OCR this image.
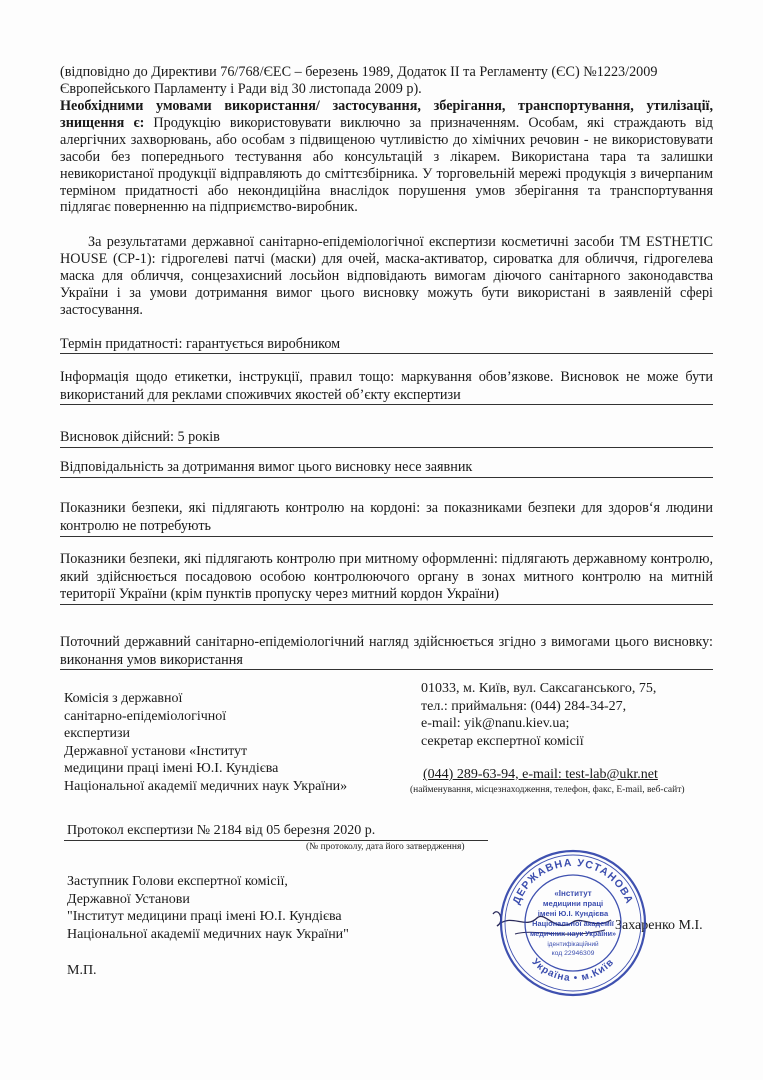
(відповідно до Директиви 76/768/ЄЕС – березень 1989, Додаток II та Регламенту (ЄС) №1223/2009
Європейського Парламенту і Ради від 30 листопада 2009 р).
Необхідними умовами використання/ застосування, зберігання, транспортування, утилізації, знищення є: Продукцію використовувати виключно за призначенням. Особам, які страждають від алергічних захворювань, або особам з підвищеною чутливістю до хімічних речовин - не використовувати засоби без попереднього тестування або консультацій з лікарем. Використана тара та залишки невикористаної продукції відправляють до сміттєзбірника. У торговельній мережі продукція з вичерпаним терміном придатності або некондиційна внаслідок порушення умов зберігання та транспортування підлягає поверненню на підприємство-виробник.
За результатами державної санітарно-епідеміологічної експертизи косметичні засоби ТМ ESTHETIC HOUSE (СР-1): гідрогелеві патчі (маски) для очей, маска-активатор, сироватка для обличчя, гідрогелева маска для обличчя, сонцезахисний лосьйон відповідають вимогам діючого санітарного законодавства України і за умови дотримання вимог цього висновку можуть бути використані в заявленій сфері застосування.
Термін придатності: гарантується виробником
Інформація щодо етикетки, інструкції, правил тощо: маркування обов’язкове. Висновок не може бути використаний для реклами споживчих якостей об’єкту експертизи
Висновок дійсний: 5 років
Відповідальність за дотримання вимог цього висновку несе заявник
Показники безпеки, які підлягають контролю на кордоні: за показниками безпеки для здоров‘я людини контролю не потребують
Показники безпеки, які підлягають контролю при митному оформленні: підлягають державному контролю, який здійснюється посадовою особою контролюючого органу в зонах митного контролю на митній території України (крім пунктів пропуску через митний кордон України)
Поточний державний санітарно-епідеміологічний нагляд здійснюється згідно з вимогами цього висновку: виконання умов використання
Комісія з державної
санітарно-епідеміологічної
експертизи
Державної установи «Інститут
медицини праці імені Ю.І. Кундієва
Національної академії медичних наук України»
01033, м. Київ, вул. Саксаганського, 75,
тел.: приймальня: (044) 284-34-27,
e-mail: yik@nanu.kiev.ua;
секретар експертної комісії
(044) 289-63-94, e-mail: test-lab@ukr.net
(найменування, місцезнаходження, телефон, факс, E-mail, веб-сайт)
Протокол експертизи № 2184 від 05 березня 2020 р.
(№ протоколу, дата його затвердження)
Заступник Голови експертної комісії,
Державної Установи
"Інститут медицини праці імені Ю.І. Кундієва
Національної академії медичних наук України"
Захаренко М.І.
М.П.
ДЕРЖАВНА УСТАНОВА
Україна • м.Київ
«Інститут
медицини праці
імені Ю.І. Кундієва
Національної академії
медичних наук України»
ідентифікаційний
код 22946309
